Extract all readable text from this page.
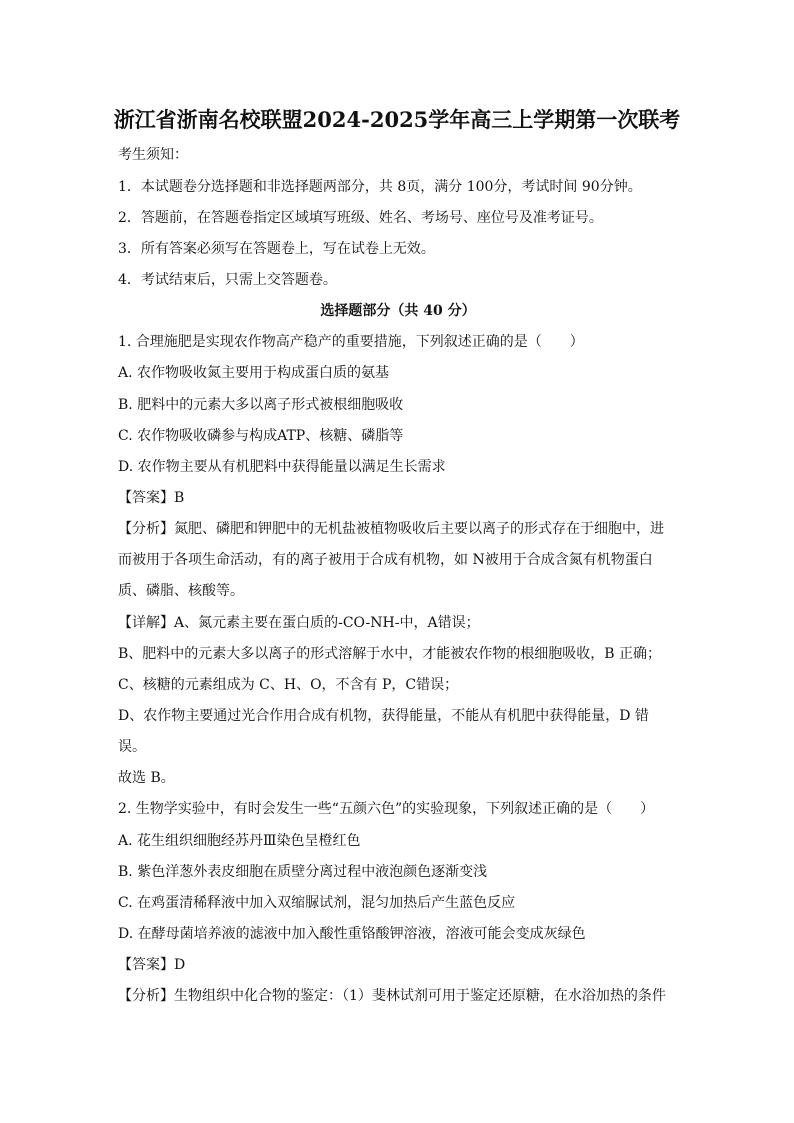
浙江省浙南名校联盟2024-2025学年高三上学期第一次联考
考生须知：
1．本试题卷分选择题和非选择题两部分，共 8页，满分 100分，考试时间 90分钟。
2．答题前，在答题卷指定区域填写班级、姓名、考场号、座位号及准考证号。
3．所有答案必须写在答题卷上，写在试卷上无效。
4．考试结束后，只需上交答题卷。
选择题部分（共 40 分）
1. 合理施肥是实现农作物高产稳产的重要措施，下列叙述正确的是（　　）
A. 农作物吸收氮主要用于构成蛋白质的氨基
B. 肥料中的元素大多以离子形式被根细胞吸收
C. 农作物吸收磷参与构成ATP、核糖、磷脂等
D. 农作物主要从有机肥料中获得能量以满足生长需求
【答案】B
【分析】氮肥、磷肥和钾肥中的无机盐被植物吸收后主要以离子的形式存在于细胞中，进
而被用于各项生命活动，有的离子被用于合成有机物，如 N被用于合成含氮有机物蛋白
质、磷脂、核酸等。
【详解】A、氮元素主要在蛋白质的-CO-NH-中，A错误；
B、肥料中的元素大多以离子的形式溶解于水中，才能被农作物的根细胞吸收，B 正确；
C、核糖的元素组成为 C、H、O，不含有 P，C错误；
D、农作物主要通过光合作用合成有机物，获得能量，不能从有机肥中获得能量，D 错
误。
故选 B。
2. 生物学实验中，有时会发生一些“五颜六色”的实验现象，下列叙述正确的是（　　）
A. 花生组织细胞经苏丹Ⅲ染色呈橙红色
B. 紫色洋葱外表皮细胞在质壁分离过程中液泡颜色逐渐变浅
C. 在鸡蛋清稀释液中加入双缩脲试剂，混匀加热后产生蓝色反应
D. 在酵母菌培养液的滤液中加入酸性重铬酸钾溶液，溶液可能会变成灰绿色
【答案】D
【分析】生物组织中化合物的鉴定：（1）斐林试剂可用于鉴定还原糖，在水浴加热的条件
